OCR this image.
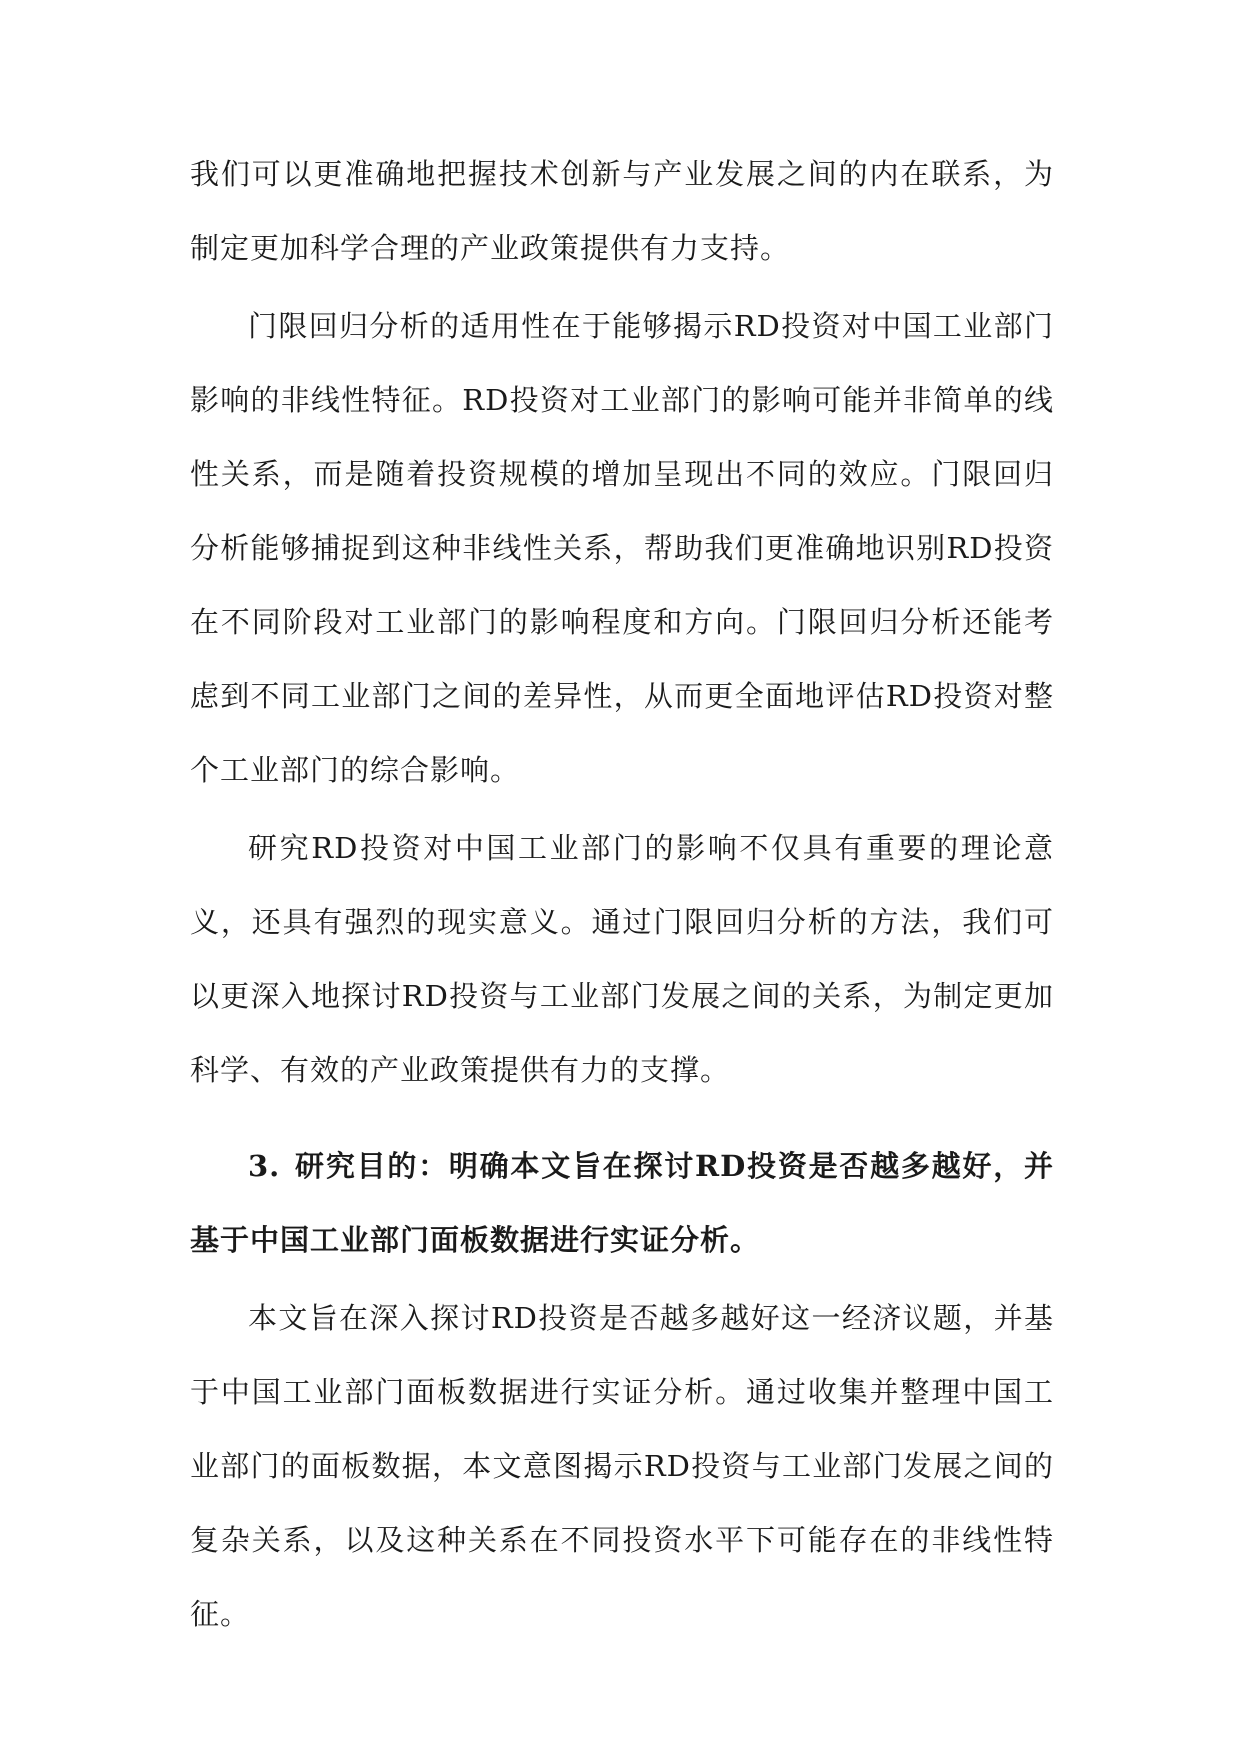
我们可以更准确地把握技术创新与产业发展之间的内在联系，为制定更加科学合理的产业政策提供有力支持。

门限回归分析的适用性在于能够揭示RD投资对中国工业部门影响的非线性特征。RD投资对工业部门的影响可能并非简单的线性关系，而是随着投资规模的增加呈现出不同的效应。门限回归分析能够捕捉到这种非线性关系，帮助我们更准确地识别RD投资在不同阶段对工业部门的影响程度和方向。门限回归分析还能考虑到不同工业部门之间的差异性，从而更全面地评估RD投资对整个工业部门的综合影响。

研究RD投资对中国工业部门的影响不仅具有重要的理论意义，还具有强烈的现实意义。通过门限回归分析的方法，我们可以更深入地探讨RD投资与工业部门发展之间的关系，为制定更加科学、有效的产业政策提供有力的支撑。

3. 研究目的：明确本文旨在探讨RD投资是否越多越好，并基于中国工业部门面板数据进行实证分析。

本文旨在深入探讨RD投资是否越多越好这一经济议题，并基于中国工业部门面板数据进行实证分析。通过收集并整理中国工业部门的面板数据，本文意图揭示RD投资与工业部门发展之间的复杂关系，以及这种关系在不同投资水平下可能存在的非线性特征。
